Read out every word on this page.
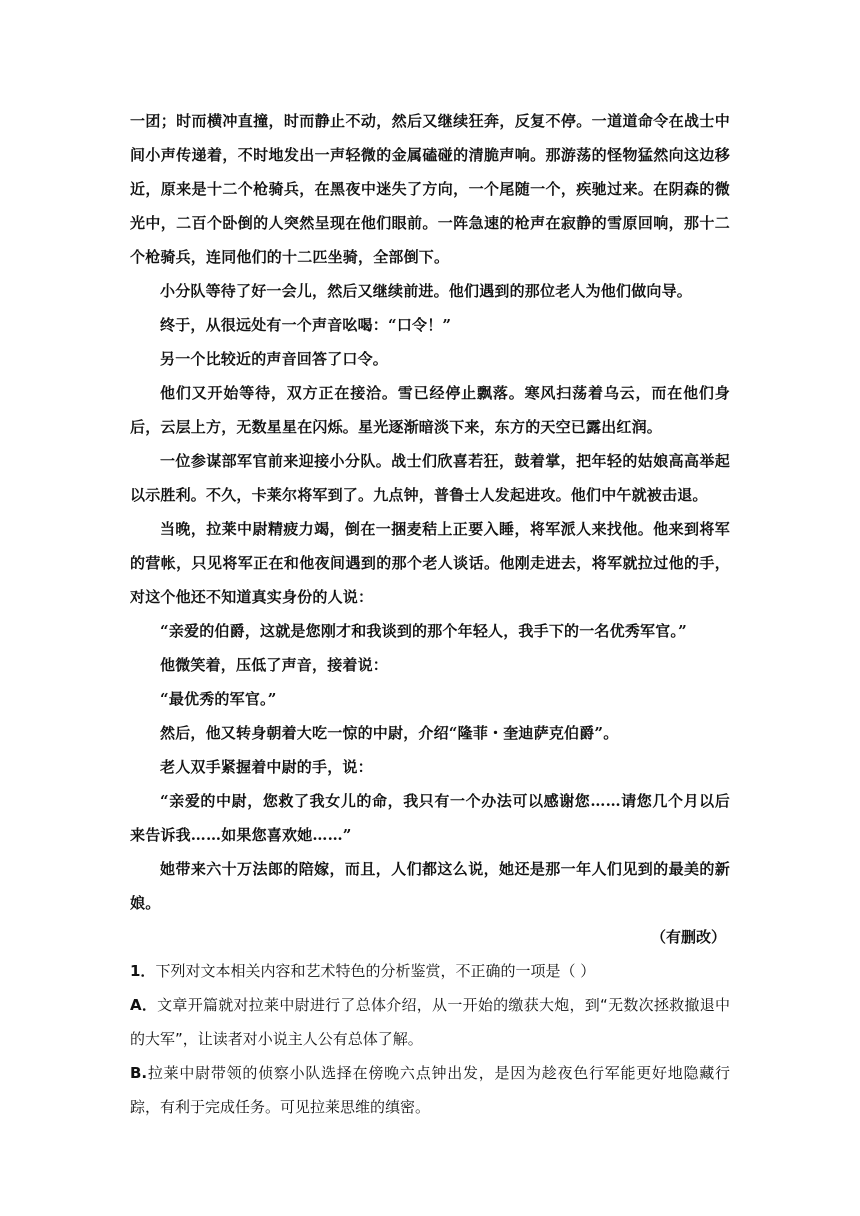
一团；时而横冲直撞，时而静止不动，然后又继续狂奔，反复不停。一道道命令在战士中间小声传递着，不时地发出一声轻微的金属磕碰的清脆声响。那游荡的怪物猛然向这边移近，原来是十二个枪骑兵，在黑夜中迷失了方向，一个尾随一个，疾驰过来。在阴森的微光中，二百个卧倒的人突然呈现在他们眼前。一阵急速的枪声在寂静的雪原回响，那十二个枪骑兵，连同他们的十二匹坐骑，全部倒下。

小分队等待了好一会儿，然后又继续前进。他们遇到的那位老人为他们做向导。

终于，从很远处有一个声音吆喝：“口令！”

另一个比较近的声音回答了口令。

他们又开始等待，双方正在接洽。雪已经停止飘落。寒风扫荡着乌云，而在他们身后，云层上方，无数星星在闪烁。星光逐渐暗淡下来，东方的天空已露出红润。

一位参谋部军官前来迎接小分队。战士们欣喜若狂，鼓着掌，把年轻的姑娘高高举起以示胜利。不久，卡莱尔将军到了。九点钟，普鲁士人发起进攻。他们中午就被击退。

当晚，拉莱中尉精疲力竭，倒在一捆麦秸上正要入睡，将军派人来找他。他来到将军的营帐，只见将军正在和他夜间遇到的那个老人谈话。他刚走进去，将军就拉过他的手，对这个他还不知道真实身份的人说：

“亲爱的伯爵，这就是您刚才和我谈到的那个年轻人，我手下的一名优秀军官。”

他微笑着，压低了声音，接着说：

“最优秀的军官。”

然后，他又转身朝着大吃一惊的中尉，介绍“隆菲・奎迪萨克伯爵”。

老人双手紧握着中尉的手，说：

“亲爱的中尉，您救了我女儿的命，我只有一个办法可以感谢您……请您几个月以后来告诉我……如果您喜欢她……”

她带来六十万法郎的陪嫁，而且，人们都这么说，她还是那一年人们见到的最美的新娘。

（有删改）

1．下列对文本相关内容和艺术特色的分析鉴赏，不正确的一项是（ ）

A．文章开篇就对拉莱中尉进行了总体介绍，从一开始的缴获大炮，到“无数次拯救撤退中的大军”，让读者对小说主人公有总体了解。

B.拉莱中尉带领的侦察小队选择在傍晚六点钟出发，是因为趁夜色行军能更好地隐藏行踪，有利于完成任务。可见拉莱思维的缜密。
